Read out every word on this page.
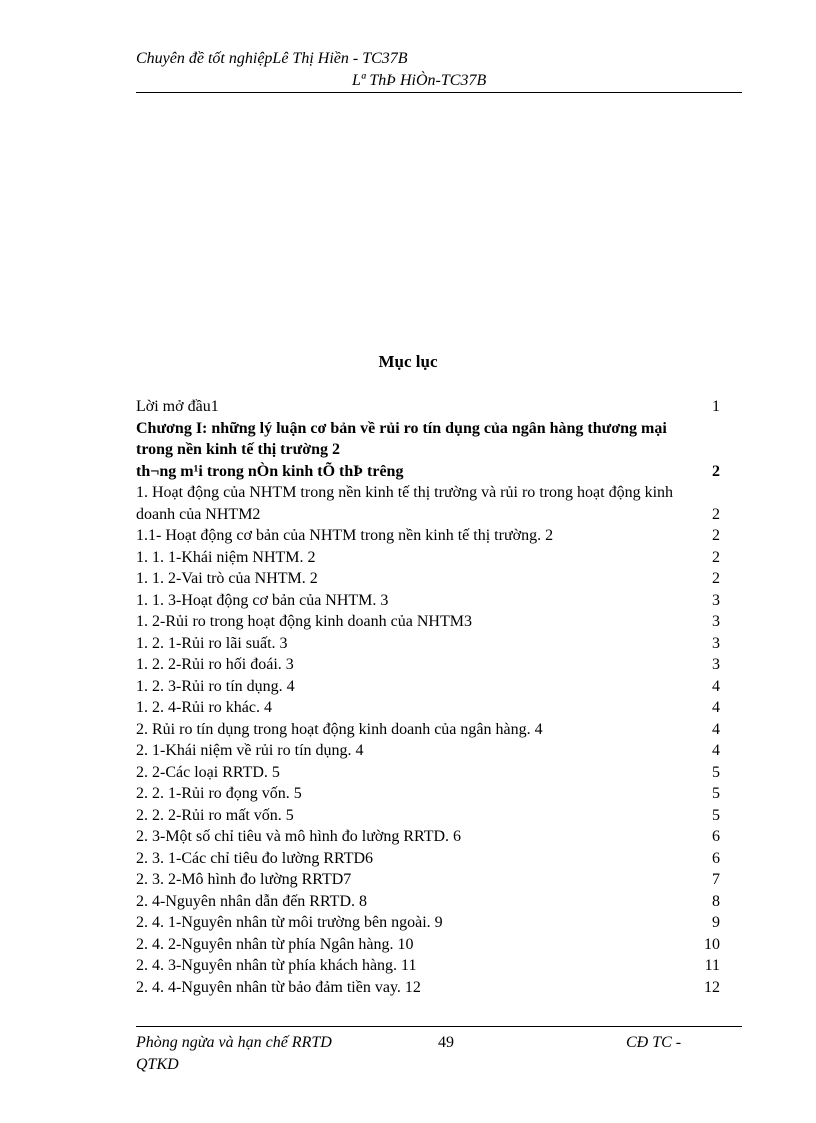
Chuyên đề tốt nghiệpLê Thị Hiền - TC37B
Lª ThÞ HiÒn-TC37B
Mục lục
Lời mở đầu1	1
Chương I: những lý luận cơ bản về rủi ro tín dụng của ngân hàng thương mại trong nền kinh tế thị trường 2
th¬ng m¹i trong nÒn kinh tÕ thÞ trêng	2
1. Hoạt động của NHTM trong nền kinh tế thị trường và rủi ro trong hoạt động kinh doanh của NHTM2	2
1.1- Hoạt động cơ bản của NHTM trong nền kinh tế thị trường. 2	2
1. 1. 1-Khái niệm NHTM. 2	2
1. 1. 2-Vai trò của NHTM. 2	2
1. 1. 3-Hoạt động cơ bản của NHTM. 3	3
1. 2-Rủi ro trong hoạt động kinh doanh của NHTM3	3
1. 2. 1-Rủi ro lãi suất. 3	3
1. 2. 2-Rủi ro hối đoái. 3	3
1. 2. 3-Rủi ro tín dụng. 4	4
1. 2. 4-Rủi ro khác. 4	4
2. Rủi ro tín dụng trong hoạt động kinh doanh của ngân hàng. 4	4
2. 1-Khái niệm về rủi ro tín dụng. 4	4
2. 2-Các loại RRTD. 5	5
2. 2. 1-Rủi ro đọng vốn. 5	5
2. 2. 2-Rủi ro mất vốn. 5	5
2. 3-Một số chỉ tiêu và mô hình đo lường RRTD. 6	6
2. 3. 1-Các chỉ tiêu đo lường RRTD6	6
2. 3. 2-Mô hình đo lường RRTD7	7
2. 4-Nguyên nhân dẫn đến RRTD. 8	8
2. 4. 1-Nguyên nhân từ môi trường bên ngoài. 9	9
2. 4. 2-Nguyên nhân từ phía Ngân hàng. 10	10
2. 4. 3-Nguyên nhân từ phía khách hàng. 11	11
2. 4. 4-Nguyên nhân từ bảo đảm tiền vay. 12	12
Phòng ngừa và hạn chế RRTD	49	CĐ TC -
QTKD
